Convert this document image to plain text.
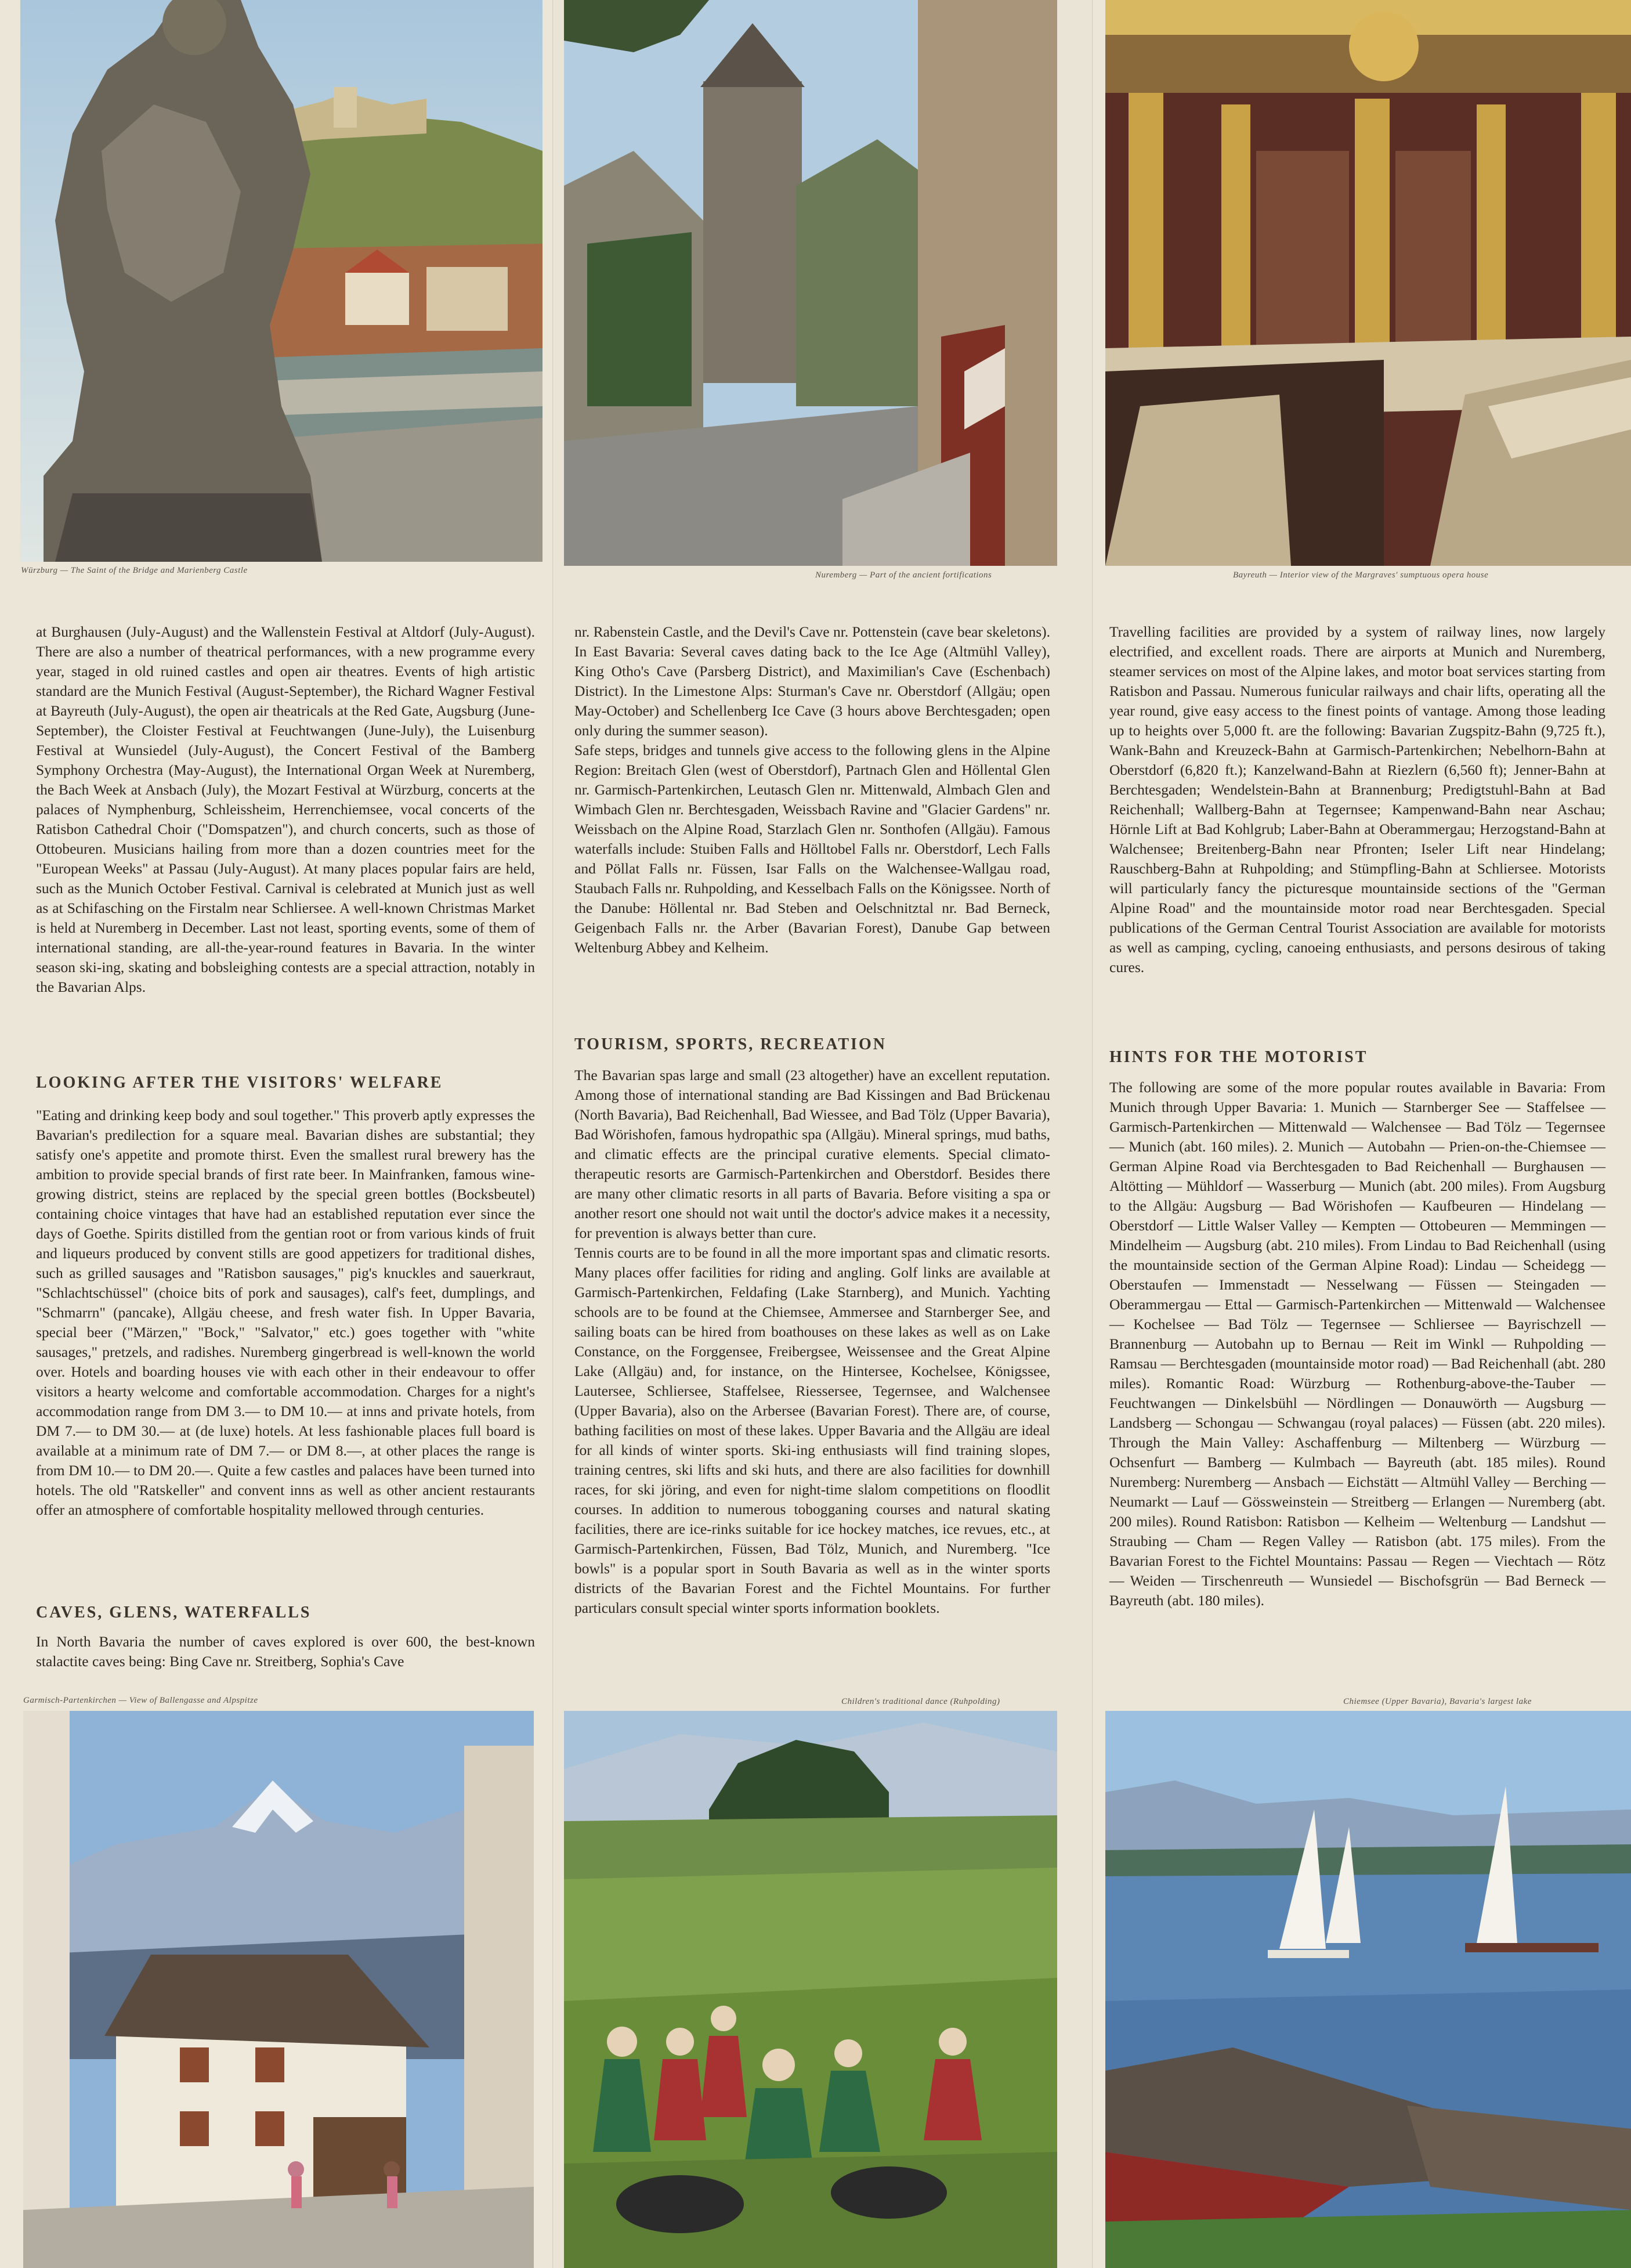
Würzburg — The Saint of the Bridge and Marienberg Castle

at Burghausen (July-August) and the Wallenstein Festival at Altdorf (July-August). There are also a number of theatrical performances, with a new programme every year, staged in old ruined castles and open air theatres. Events of high artistic standard are the Munich Festival (August-September), the Richard Wagner Festival at Bayreuth (July-August), the open air theatricals at the Red Gate, Augsburg (June-September), the Cloister Festival at Feuchtwangen (June-July), the Luisenburg Festival at Wunsiedel (July-August), the Concert Festival of the Bamberg Symphony Orchestra (May-August), the International Organ Week at Nuremberg, the Bach Week at Ansbach (July), the Mozart Festival at Würzburg, concerts at the palaces of Nymphenburg, Schleissheim, Herrenchiemsee, vocal concerts of the Ratisbon Cathedral Choir ("Domspatzen"), and church concerts, such as those of Ottobeuren. Musicians hailing from more than a dozen countries meet for the "European Weeks" at Passau (July-August). At many places popular fairs are held, such as the Munich October Festival. Carnival is celebrated at Munich just as well as at Schifasching on the Firstalm near Schliersee. A well-known Christmas Market is held at Nuremberg in December. Last not least, sporting events, some of them of international standing, are all-the-year-round features in Bavaria. In the winter season ski-ing, skating and bobsleighing contests are a special attraction, notably in the Bavarian Alps.

LOOKING AFTER THE VISITORS' WELFARE

"Eating and drinking keep body and soul together." This proverb aptly expresses the Bavarian's predilection for a square meal. Bavarian dishes are substantial; they satisfy one's appetite and promote thirst. Even the smallest rural brewery has the ambition to provide special brands of first rate beer. In Mainfranken, famous wine-growing district, steins are replaced by the special green bottles (Bocksbeutel) containing choice vintages that have had an established reputation ever since the days of Goethe. Spirits distilled from the gentian root or from various kinds of fruit and liqueurs produced by convent stills are good appetizers for traditional dishes, such as grilled sausages and "Ratisbon sausages," pig's knuckles and sauerkraut, "Schlachtschüssel" (choice bits of pork and sausages), calf's feet, dumplings, and "Schmarrn" (pancake), Allgäu cheese, and fresh water fish. In Upper Bavaria, special beer ("Märzen," "Bock," "Salvator," etc.) goes together with "white sausages," pretzels, and radishes. Nuremberg gingerbread is well-known the world over. Hotels and boarding houses vie with each other in their endeavour to offer visitors a hearty welcome and comfortable accommodation. Charges for a night's accommodation range from DM 3.— to DM 10.— at inns and private hotels, from DM 7.— to DM 30.— at (de luxe) hotels. At less fashionable places full board is available at a minimum rate of DM 7.— or DM 8.—, at other places the range is from DM 10.— to DM 20.—. Quite a few castles and palaces have been turned into hotels. The old "Ratskeller" and convent inns as well as other ancient restaurants offer an atmosphere of comfortable hospitality mellowed through centuries.

CAVES, GLENS, WATERFALLS

In North Bavaria the number of caves explored is over 600, the best-known stalactite caves being: Bing Cave nr. Streitberg, Sophia's Cave

Garmisch-Partenkirchen — View of Ballengasse and Alpspitze
Nuremberg — Part of the ancient fortifications

nr. Rabenstein Castle, and the Devil's Cave nr. Pottenstein (cave bear skeletons). In East Bavaria: Several caves dating back to the Ice Age (Altmühl Valley), King Otho's Cave (Parsberg District), and Maximilian's Cave (Eschenbach) District). In the Limestone Alps: Sturman's Cave nr. Oberstdorf (Allgäu; open May-October) and Schellenberg Ice Cave (3 hours above Berchtesgaden; open only during the summer season).

Safe steps, bridges and tunnels give access to the following glens in the Alpine Region: Breitach Glen (west of Oberstdorf), Partnach Glen and Höllental Glen nr. Garmisch-Partenkirchen, Leutasch Glen nr. Mittenwald, Almbach Glen and Wimbach Glen nr. Berchtesgaden, Weissbach Ravine and "Glacier Gardens" nr. Weissbach on the Alpine Road, Starzlach Glen nr. Sonthofen (Allgäu). Famous waterfalls include: Stuiben Falls and Hölltobel Falls nr. Oberstdorf, Lech Falls and Pöllat Falls nr. Füssen, Isar Falls on the Walchensee-Wallgau road, Staubach Falls nr. Ruhpolding, and Kesselbach Falls on the Königssee. North of the Danube: Höllental nr. Bad Steben and Oelschnitztal nr. Bad Berneck, Geigenbach Falls nr. the Arber (Bavarian Forest), Danube Gap between Weltenburg Abbey and Kelheim.

TOURISM, SPORTS, RECREATION

The Bavarian spas large and small (23 altogether) have an excellent reputation. Among those of international standing are Bad Kissingen and Bad Brückenau (North Bavaria), Bad Reichenhall, Bad Wiessee, and Bad Tölz (Upper Bavaria), Bad Wörishofen, famous hydropathic spa (Allgäu). Mineral springs, mud baths, and climatic effects are the principal curative elements. Special climato-therapeutic resorts are Garmisch-Partenkirchen and Oberstdorf. Besides there are many other climatic resorts in all parts of Bavaria. Before visiting a spa or another resort one should not wait until the doctor's advice makes it a necessity, for prevention is always better than cure.

Tennis courts are to be found in all the more important spas and climatic resorts. Many places offer facilities for riding and angling. Golf links are available at Garmisch-Partenkirchen, Feldafing (Lake Starnberg), and Munich. Yachting schools are to be found at the Chiemsee, Ammersee and Starnberger See, and sailing boats can be hired from boathouses on these lakes as well as on Lake Constance, on the Forggensee, Freibergsee, Weissensee and the Great Alpine Lake (Allgäu) and, for instance, on the Hintersee, Kochelsee, Königssee, Lautersee, Schliersee, Staffelsee, Riessersee, Tegernsee, and Walchensee (Upper Bavaria), also on the Arbersee (Bavarian Forest). There are, of course, bathing facilities on most of these lakes. Upper Bavaria and the Allgäu are ideal for all kinds of winter sports. Ski-ing enthusiasts will find training slopes, training centres, ski lifts and ski huts, and there are also facilities for downhill races, for ski jöring, and even for night-time slalom competitions on floodlit courses. In addition to numerous tobogganing courses and natural skating facilities, there are ice-rinks suitable for ice hockey matches, ice revues, etc., at Garmisch-Partenkirchen, Füssen, Bad Tölz, Munich, and Nuremberg. "Ice bowls" is a popular sport in South Bavaria as well as in the winter sports districts of the Bavarian Forest and the Fichtel Mountains. For further particulars consult special winter sports information booklets.

Children's traditional dance (Ruhpolding)
Bayreuth — Interior view of the Margraves' sumptuous opera house

Travelling facilities are provided by a system of railway lines, now largely electrified, and excellent roads. There are airports at Munich and Nuremberg, steamer services on most of the Alpine lakes, and motor boat services starting from Ratisbon and Passau. Numerous funicular railways and chair lifts, operating all the year round, give easy access to the finest points of vantage. Among those leading up to heights over 5,000 ft. are the following: Bavarian Zugspitz-Bahn (9,725 ft.), Wank-Bahn and Kreuzeck-Bahn at Garmisch-Partenkirchen; Nebelhorn-Bahn at Oberstdorf (6,820 ft.); Kanzelwand-Bahn at Riezlern (6,560 ft); Jenner-Bahn at Berchtesgaden; Wendelstein-Bahn at Brannenburg; Predigtstuhl-Bahn at Bad Reichenhall; Wallberg-Bahn at Tegernsee; Kampenwand-Bahn near Aschau; Hörnle Lift at Bad Kohlgrub; Laber-Bahn at Oberammergau; Herzogstand-Bahn at Walchensee; Breitenberg-Bahn near Pfronten; Iseler Lift near Hindelang; Rauschberg-Bahn at Ruhpolding; and Stümpfling-Bahn at Schliersee. Motorists will particularly fancy the picturesque mountainside sections of the "German Alpine Road" and the mountainside motor road near Berchtesgaden. Special publications of the German Central Tourist Association are available for motorists as well as camping, cycling, canoeing enthusiasts, and persons desirous of taking cures.

HINTS FOR THE MOTORIST

The following are some of the more popular routes available in Bavaria: From Munich through Upper Bavaria: 1. Munich — Starnberger See — Staffelsee — Garmisch-Partenkirchen — Mittenwald — Walchensee — Bad Tölz — Tegernsee — Munich (abt. 160 miles). 2. Munich — Autobahn — Prien-on-the-Chiemsee — German Alpine Road via Berchtesgaden to Bad Reichenhall — Burghausen — Altötting — Mühldorf — Wasserburg — Munich (abt. 200 miles). From Augsburg to the Allgäu: Augsburg — Bad Wörishofen — Kaufbeuren — Hindelang — Oberstdorf — Little Walser Valley — Kempten — Ottobeuren — Memmingen — Mindelheim — Augsburg (abt. 210 miles). From Lindau to Bad Reichenhall (using the mountainside section of the German Alpine Road): Lindau — Scheidegg — Oberstaufen — Immenstadt — Nesselwang — Füssen — Steingaden — Oberammergau — Ettal — Garmisch-Partenkirchen — Mittenwald — Walchensee — Kochelsee — Bad Tölz — Tegernsee — Schliersee — Bayrischzell — Brannenburg — Autobahn up to Bernau — Reit im Winkl — Ruhpolding — Ramsau — Berchtesgaden (mountainside motor road) — Bad Reichenhall (abt. 280 miles). Romantic Road: Würzburg — Rothenburg-above-the-Tauber — Feuchtwangen — Dinkelsbühl — Nördlingen — Donauwörth — Augsburg — Landsberg — Schongau — Schwangau (royal palaces) — Füssen (abt. 220 miles). Through the Main Valley: Aschaffenburg — Miltenberg — Würzburg — Ochsenfurt — Bamberg — Kulmbach — Bayreuth (abt. 185 miles). Round Nuremberg: Nuremberg — Ansbach — Eichstätt — Altmühl Valley — Berching — Neumarkt — Lauf — Gössweinstein — Streitberg — Erlangen — Nuremberg (abt. 200 miles). Round Ratisbon: Ratisbon — Kelheim — Weltenburg — Landshut — Straubing — Cham — Regen Valley — Ratisbon (abt. 175 miles). From the Bavarian Forest to the Fichtel Mountains: Passau — Regen — Viechtach — Rötz — Weiden — Tirschenreuth — Wunsiedel — Bischofsgrün — Bad Berneck — Bayreuth (abt. 180 miles).

Chiemsee (Upper Bavaria), Bavaria's largest lake
